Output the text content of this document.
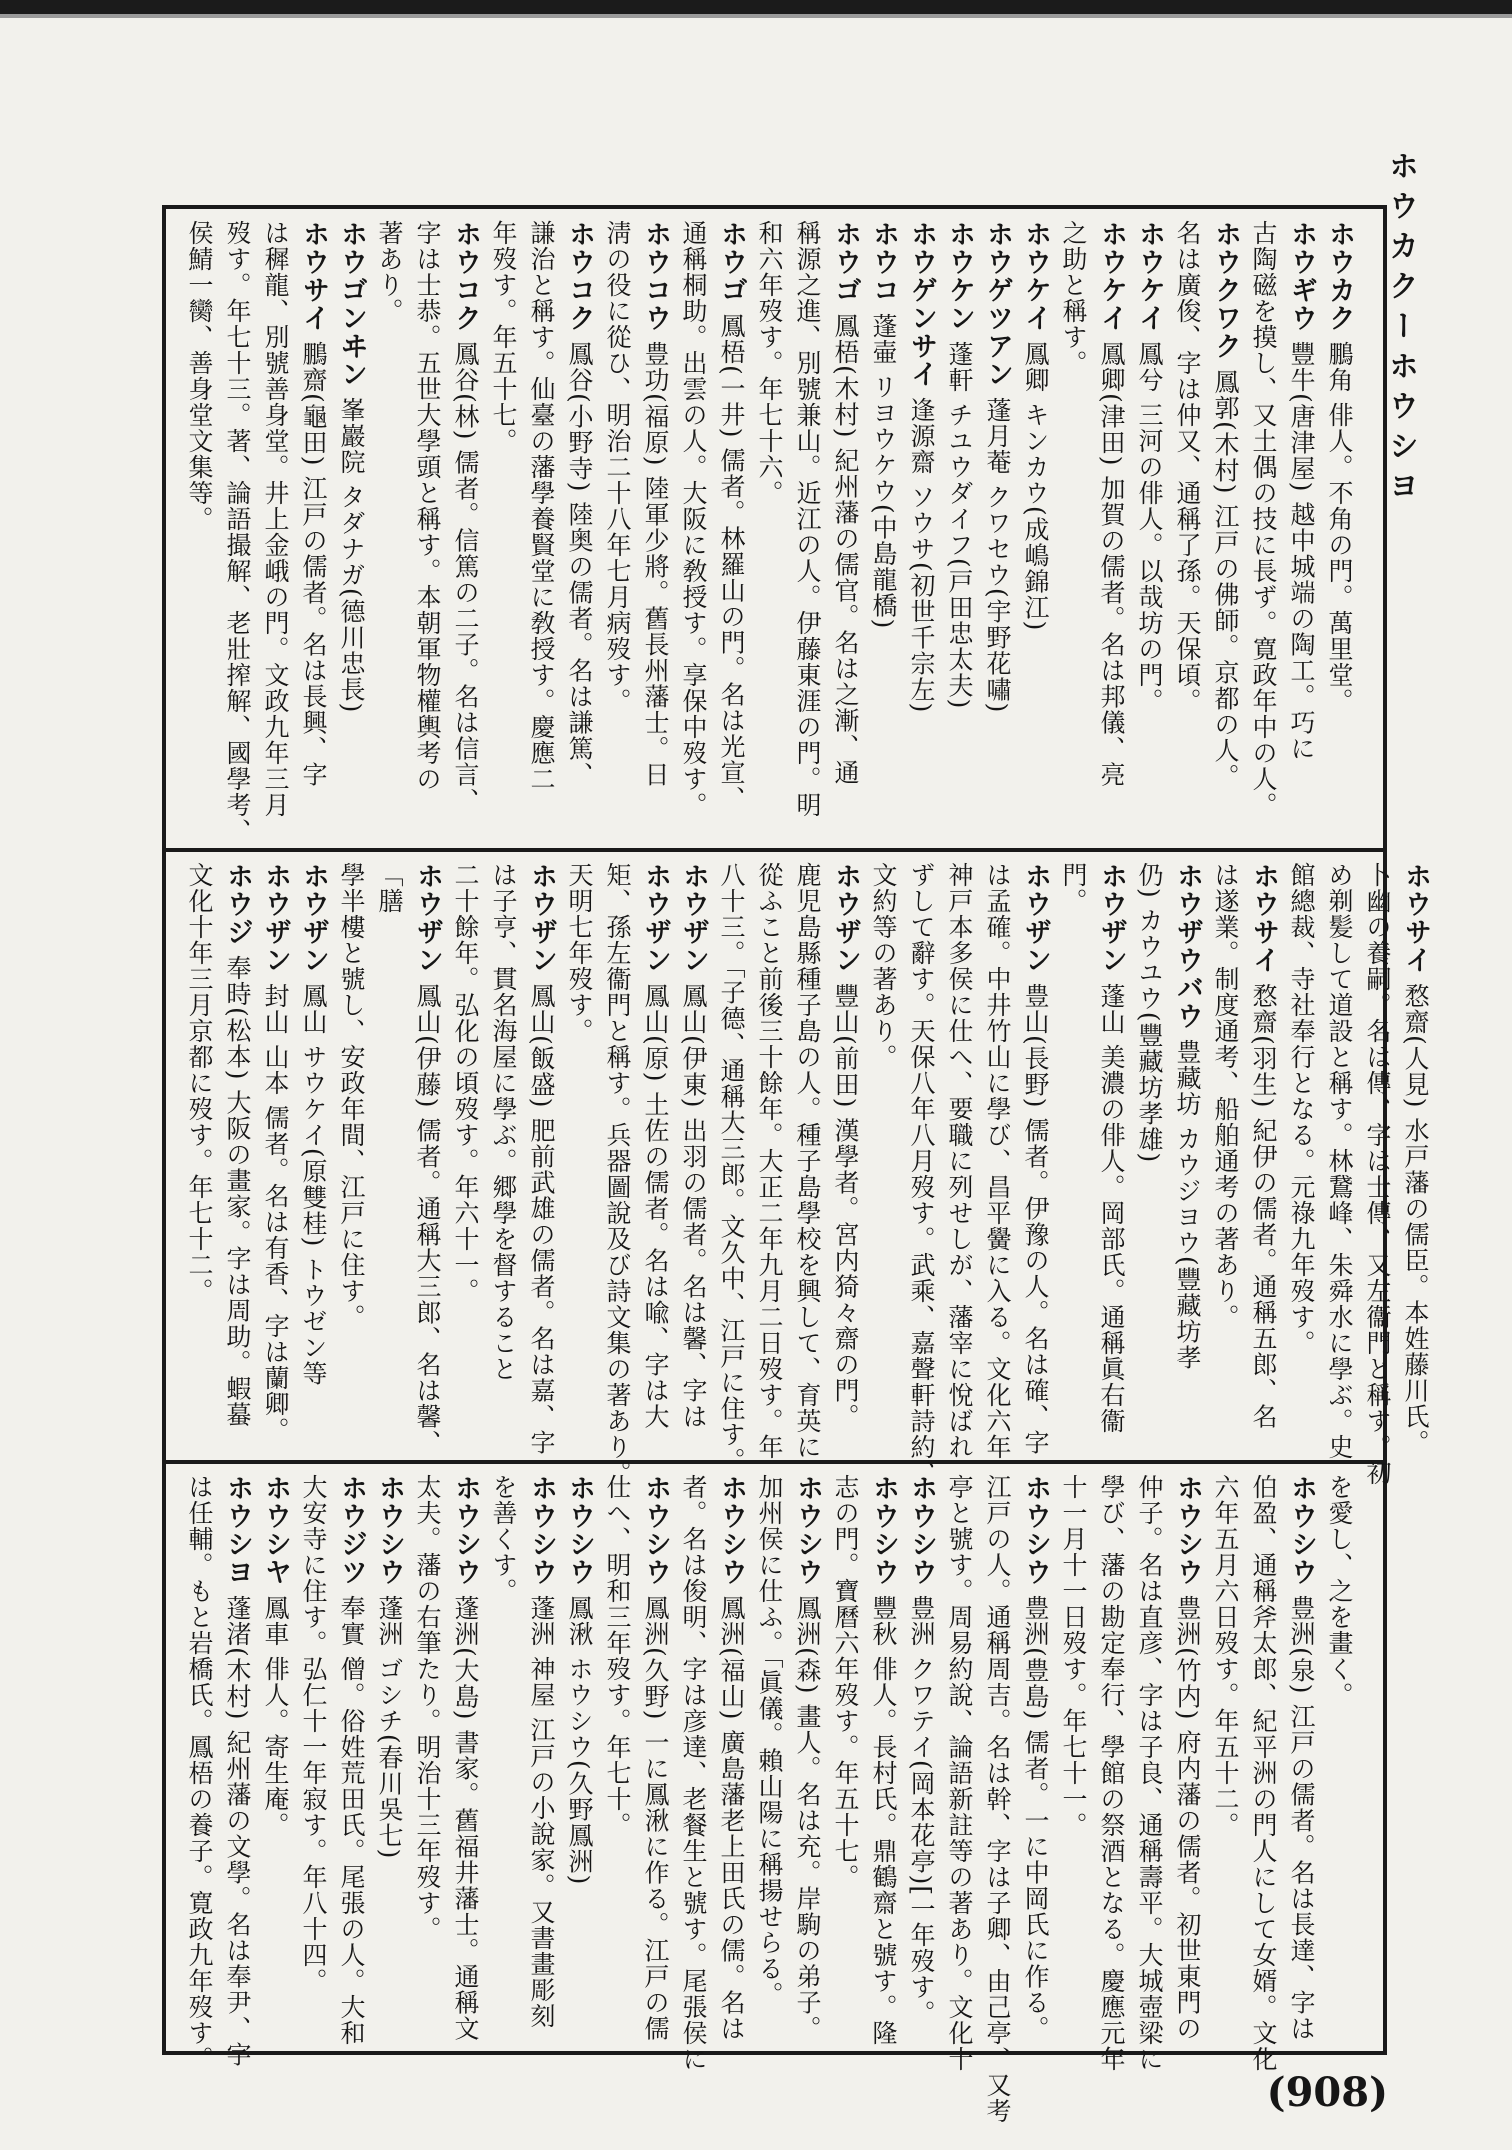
ホウカクーホウシヨ
ホウカク 鵬角 俳人。不角の門。萬里堂。
ホウギウ 豐牛(唐津屋) 越中城端の陶工。巧に
古陶磁を摸し、又土偶の技に長ず。寛政年中の人。
ホウクワク 鳳郭(木村) 江戸の佛師。京都の人。
名は廣俊、字は仲又、通稱了孫。天保頃。
ホウケイ 鳳兮 三河の俳人。以哉坊の門。
ホウケイ 鳳卿(津田) 加賀の儒者。名は邦儀、亮
之助と稱す。
ホウケイ 鳳卿 キンカウ(成嶋錦江)
ホウゲツアン 蓬月菴 クワセウ(宇野花嘯)
ホウケン 蓬軒 チユウダイフ(戸田忠太夫)
ホウゲンサイ 逢源齋 ソウサ(初世千宗左)
ホウコ 蓬壷 リヨウケウ(中島龍橋)
ホウゴ 鳳梧(木村) 紀州藩の儒官。名は之漸、通
稱源之進、別號兼山。近江の人。伊藤東涯の門。明
和六年歿す。年七十六。
ホウゴ 鳳梧(一井) 儒者。林羅山の門。名は光宣、
通稱桐助。出雲の人。大阪に敎授す。享保中歿す。
ホウコウ 豊功(福原) 陸軍少將。舊長州藩士。日
淸の役に從ひ、明治二十八年七月病歿す。
ホウコク 鳳谷(小野寺) 陸奥の儒者。名は謙篤、
謙治と稱す。仙臺の藩學養賢堂に敎授す。慶應二
年歿す。年五十七。
ホウコク 鳳谷(林) 儒者。信篤の二子。名は信言、
字は士恭。五世大學頭と稱す。本朝軍物權輿考の
著あり。
ホウゴンヰン 峯巖院 タダナガ(德川忠長)
ホウサイ 鵬齋(龜田) 江戸の儒者。名は長興、字
は穉龍、別號善身堂。井上金峨の門。文政九年三月
歿す。年七十三。著、論語撮解、老壯搾解、國學考、
侯鯖一臠、善身堂文集等。
ホウサイ 愗齋(人見) 水戸藩の儒臣。本姓藤川氏。
卜幽の養嗣。名は傳、字は士傳、又左衞門と稱す。初
め剃髪して道設と稱す。林鵞峰、朱舜水に學ぶ。史
館總裁、寺社奉行となる。元祿九年歿す。
ホウサイ 愗齋(羽生) 紀伊の儒者。通稱五郎、名
は遂業。制度通考、船舶通考の著あり。
ホウザウバウ 豊藏坊 カウジヨウ(豐藏坊孝
仍) カウユウ(豐藏坊孝雄)
ホウザン 蓬山 美濃の俳人。岡部氏。通稱眞右衞
門。
ホウザン 豊山(長野) 儒者。伊豫の人。名は確、字
は孟確。中井竹山に學び、昌平黌に入る。文化六年
神戸本多侯に仕へ、要職に列せしが、藩宰に悅ばれ
ずして辭す。天保八年八月歿す。武乘、嘉聲軒詩約、
文約等の著あり。
ホウザン 豐山(前田) 漢學者。宮内猗々齋の門。
鹿児島縣種子島の人。種子島學校を興して、育英に
從ふこと前後三十餘年。大正二年九月二日歿す。年
八十三。「子德、通稱大三郎。文久中、江戸に住す。
ホウザン 鳳山(伊東) 出羽の儒者。名は馨、字は
ホウザン 鳳山(原) 土佐の儒者。名は喩、字は大
矩、孫左衞門と稱す。兵器圖說及び詩文集の著あり。
天明七年歿す。
ホウザン 鳳山(飯盛) 肥前武雄の儒者。名は嘉、字
は子亨、貫名海屋に學ぶ。郷學を督すること
二十餘年。弘化の頃歿す。年六十一。
ホウザン 鳳山(伊藤) 儒者。通稱大三郎、名は馨、
「膳
學半樓と號し、安政年間、江戸に住す。
ホウザン 鳳山 サウケイ(原雙桂) トウゼン等
ホウザン 封山 山本 儒者。名は有香、字は蘭卿。
ホウジ 奉時(松本) 大阪の畫家。字は周助。蝦蟇
文化十年三月京都に歿す。年七十二。
を愛し、之を畫く。
ホウシウ 豊洲(泉) 江戸の儒者。名は長達、字は
伯盈、通稱斧太郎、紀平洲の門人にして女婿。文化
六年五月六日歿す。年五十二。
ホウシウ 豊洲(竹内) 府内藩の儒者。初世東門の
仲子。名は直彦、字は子良、通稱壽平。大城壺梁に
學び、藩の勘定奉行、學館の祭酒となる。慶應元年
十一月十一日歿す。年七十一。
ホウシウ 豊洲(豊島) 儒者。一に中岡氏に作る。
江戸の人。通稱周吉。名は幹、字は子卿、由己亭、又考
亭と號す。周易約說、論語新註等の著あり。文化十
ホウシウ 豊洲 クワテイ(岡本花亭)[一年歿す。
ホウシウ 豐秋 俳人。長村氏。鼎鶴齋と號す。隆
志の門。寶曆六年歿す。年五十七。
ホウシウ 鳳洲(森) 畫人。名は充。岸駒の弟子。
加州侯に仕ふ。「眞儀。賴山陽に稱揚せらる。
ホウシウ 鳳洲(福山) 廣島藩老上田氏の儒。名は
者。名は俊明、字は彦達、老餐生と號す。尾張侯に
ホウシウ 鳳洲(久野) 一に鳳湫に作る。江戸の儒
仕へ、明和三年歿す。年七十。
ホウシウ 鳳湫 ホウシウ(久野鳳洲)
ホウシウ 蓬洲 神屋 江戸の小說家。又書畫彫刻
を善くす。
ホウシウ 蓬洲(大島) 書家。舊福井藩士。通稱文
太夫。藩の右筆たり。明治十三年歿す。
ホウシウ 蓬洲 ゴシチ(春川吳七)
ホウジツ 奉實 僧。俗姓荒田氏。尾張の人。大和
大安寺に住す。弘仁十一年寂す。年八十四。
ホウシヤ 鳳車 俳人。寄生庵。
ホウシヨ 蓬渚(木村) 紀州藩の文學。名は奉尹、字
は任輔。もと岩橋氏。鳳梧の養子。寛政九年歿す。
(908)
